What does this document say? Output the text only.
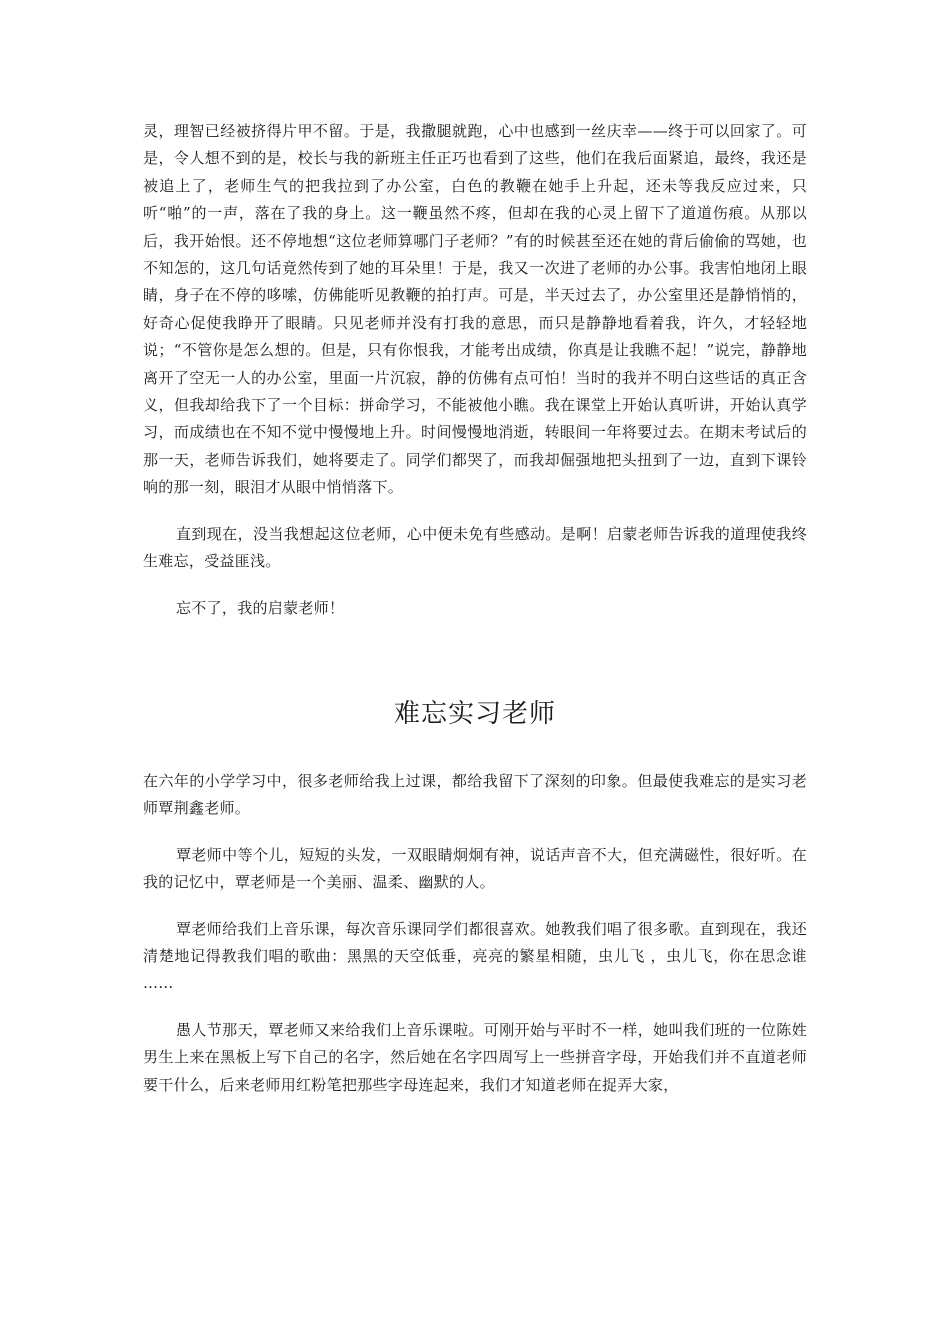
灵，理智已经被挤得片甲不留。于是，我撒腿就跑，心中也感到一丝庆幸——终于可以回家了。可是，令人想不到的是，校长与我的新班主任正巧也看到了这些，他们在我后面紧追，最终，我还是被追上了，老师生气的把我拉到了办公室，白色的教鞭在她手上升起，还未等我反应过来，只听“啪”的一声，落在了我的身上。这一鞭虽然不疼，但却在我的心灵上留下了道道伤痕。从那以后，我开始恨。还不停地想“这位老师算哪门子老师？”有的时候甚至还在她的背后偷偷的骂她，也不知怎的，这几句话竟然传到了她的耳朵里！于是，我又一次进了老师的办公事。我害怕地闭上眼睛，身子在不停的哆嗦，仿佛能听见教鞭的拍打声。可是，半天过去了，办公室里还是静悄悄的，好奇心促使我睁开了眼睛。只见老师并没有打我的意思，而只是静静地看着我，许久，才轻轻地说；“不管你是怎么想的。但是，只有你恨我，才能考出成绩，你真是让我瞧不起！”说完，静静地离开了空无一人的办公室，里面一片沉寂，静的仿佛有点可怕！当时的我并不明白这些话的真正含义，但我却给我下了一个目标：拼命学习，不能被他小瞧。我在课堂上开始认真听讲，开始认真学习，而成绩也在不知不觉中慢慢地上升。时间慢慢地消逝，转眼间一年将要过去。在期末考试后的那一天，老师告诉我们，她将要走了。同学们都哭了，而我却倔强地把头扭到了一边，直到下课铃响的那一刻，眼泪才从眼中悄悄落下。

直到现在，没当我想起这位老师，心中便未免有些感动。是啊！启蒙老师告诉我的道理使我终生难忘，受益匪浅。

忘不了，我的启蒙老师！

难忘实习老师

在六年的小学学习中，很多老师给我上过课，都给我留下了深刻的印象。但最使我难忘的是实习老师覃荆鑫老师。

覃老师中等个儿，短短的头发，一双眼睛炯炯有神，说话声音不大，但充满磁性，很好听。在我的记忆中，覃老师是一个美丽、温柔、幽默的人。

覃老师给我们上音乐课，每次音乐课同学们都很喜欢。她教我们唱了很多歌。直到现在，我还清楚地记得教我们唱的歌曲：黑黑的天空低垂，亮亮的繁星相随，虫儿飞 ，虫儿飞，你在思念谁 ……

愚人节那天，覃老师又来给我们上音乐课啦。可刚开始与平时不一样，她叫我们班的一位陈姓男生上来在黑板上写下自己的名字，然后她在名字四周写上一些拼音字母，开始我们并不直道老师要干什么，后来老师用红粉笔把那些字母连起来，我们才知道老师在捉弄大家，
